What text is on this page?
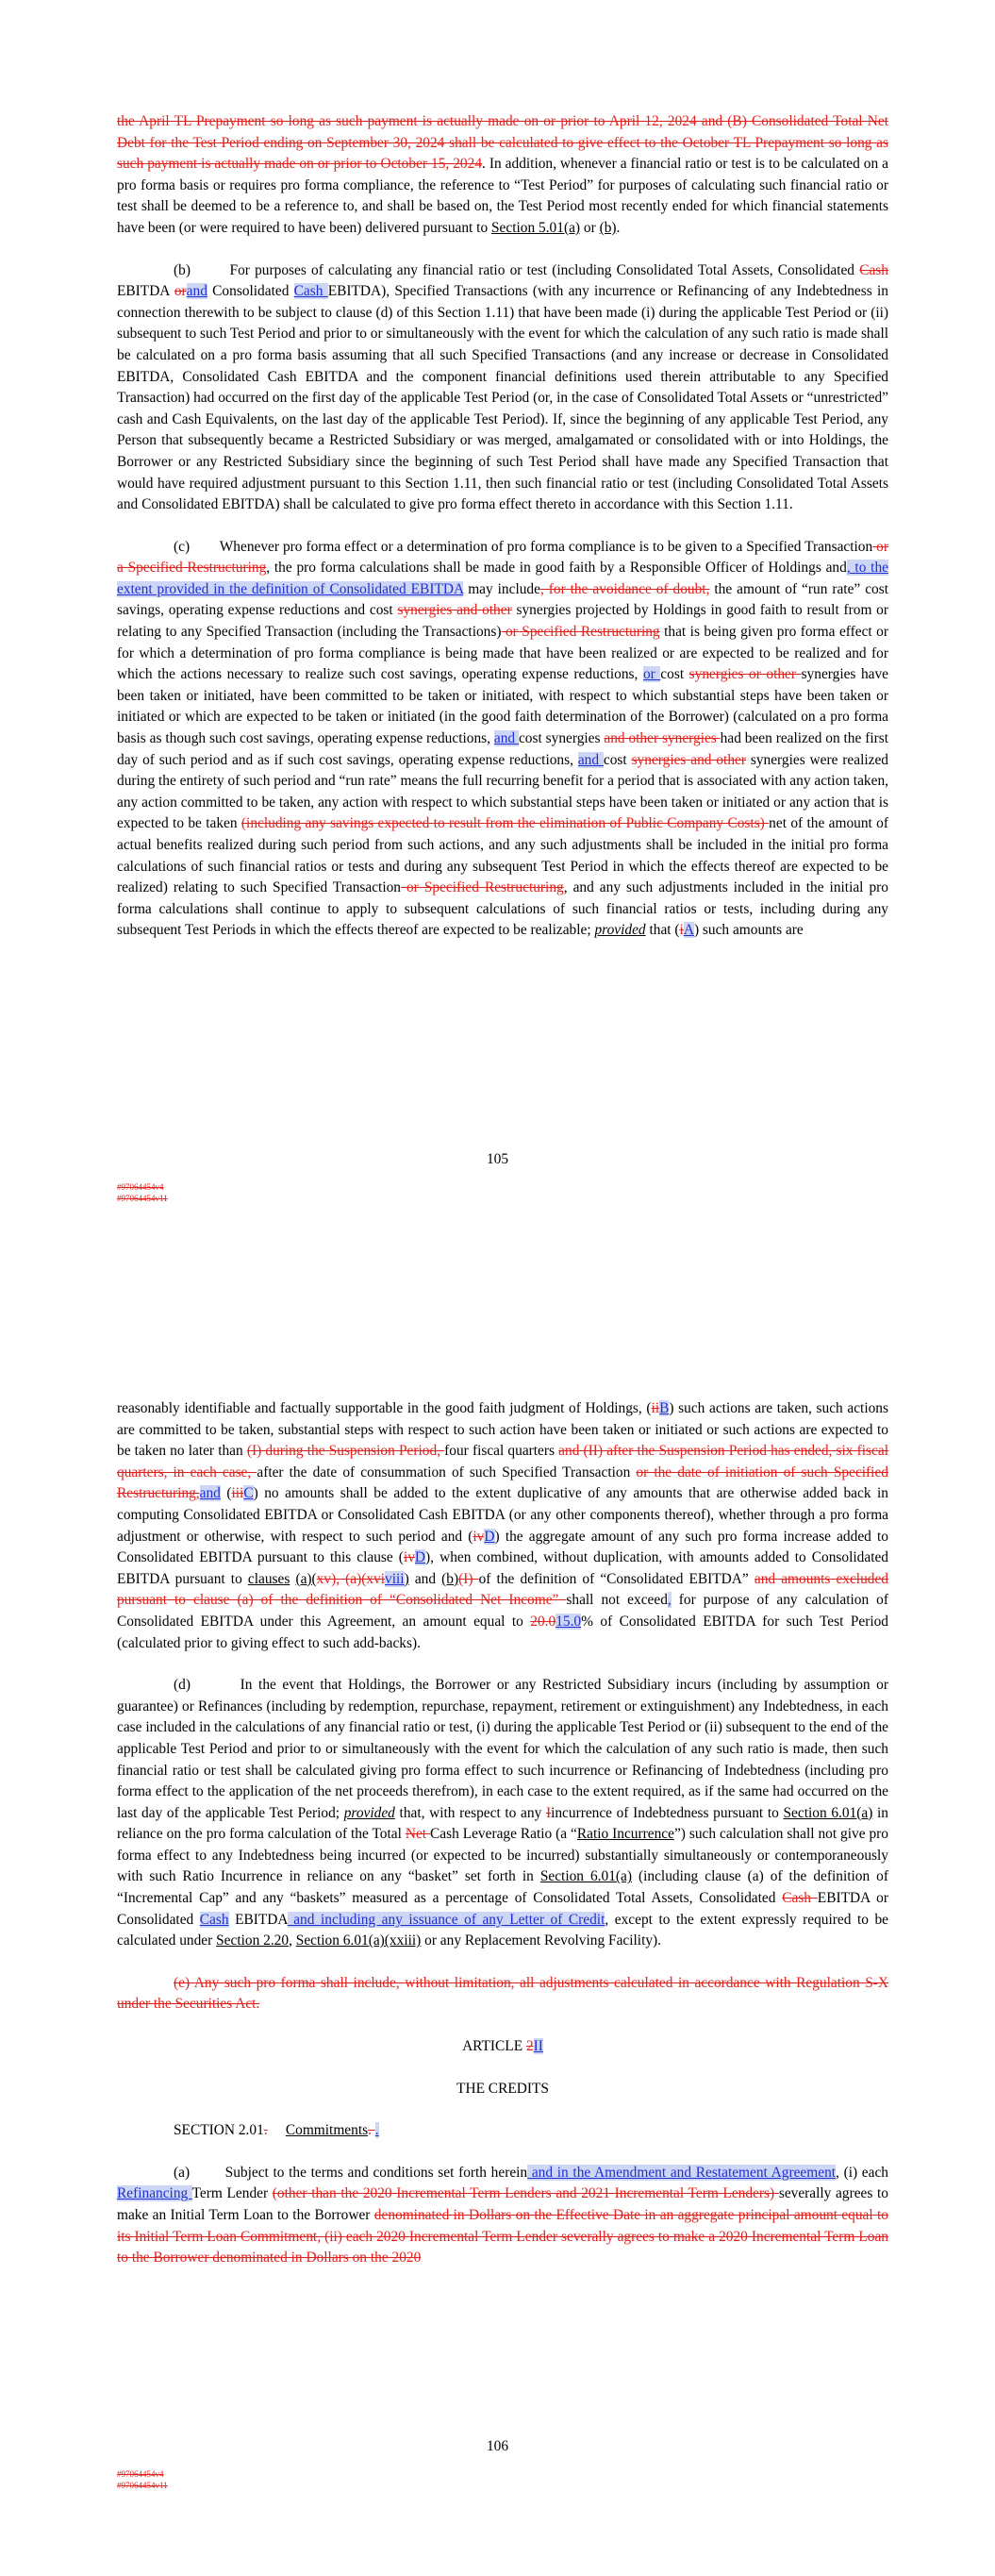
the April TL Prepayment so long as such payment is actually made on or prior to April 12, 2024 and (B) Consolidated Total Net Debt for the Test Period ending on September 30, 2024 shall be calculated to give effect to the October TL Prepayment so long as such payment is actually made on or prior to October 15, 2024. In addition, whenever a financial ratio or test is to be calculated on a pro forma basis or requires pro forma compliance, the reference to “Test Period” for purposes of calculating such financial ratio or test shall be deemed to be a reference to, and shall be based on, the Test Period most recently ended for which financial statements have been (or were required to have been) delivered pursuant to Section 5.01(a) or (b).

(b)        For purposes of calculating any financial ratio or test (including Consolidated Total Assets, Consolidated Cash EBITDA orand Consolidated Cash EBITDA), Specified Transactions (with any incurrence or Refinancing of any Indebtedness in connection therewith to be subject to clause (d) of this Section 1.11) that have been made (i) during the applicable Test Period or (ii) subsequent to such Test Period and prior to or simultaneously with the event for which the calculation of any such ratio is made shall be calculated on a pro forma basis assuming that all such Specified Transactions (and any increase or decrease in Consolidated EBITDA, Consolidated Cash EBITDA and the component financial definitions used therein attributable to any Specified Transaction) had occurred on the first day of the applicable Test Period (or, in the case of Consolidated Total Assets or “unrestricted” cash and Cash Equivalents, on the last day of the applicable Test Period). If, since the beginning of any applicable Test Period, any Person that subsequently became a Restricted Subsidiary or was merged, amalgamated or consolidated with or into Holdings, the Borrower or any Restricted Subsidiary since the beginning of such Test Period shall have made any Specified Transaction that would have required adjustment pursuant to this Section 1.11, then such financial ratio or test (including Consolidated Total Assets and Consolidated EBITDA) shall be calculated to give pro forma effect thereto in accordance with this Section 1.11.

(c)        Whenever pro forma effect or a determination of pro forma compliance is to be given to a Specified Transaction or a Specified Restructuring, the pro forma calculations shall be made in good faith by a Responsible Officer of Holdings and, to the extent provided in the definition of Consolidated EBITDA may include, for the avoidance of doubt, the amount of “run rate” cost savings, operating expense reductions and cost synergies and other synergies projected by Holdings in good faith to result from or relating to any Specified Transaction (including the Transactions) or Specified Restructuring that is being given pro forma effect or for which a determination of pro forma compliance is being made that have been realized or are expected to be realized and for which the actions necessary to realize such cost savings, operating expense reductions, or cost synergies or other synergies have been taken or initiated, have been committed to be taken or initiated, with respect to which substantial steps have been taken or initiated or which are expected to be taken or initiated (in the good faith determination of the Borrower) (calculated on a pro forma basis as though such cost savings, operating expense reductions, and cost synergies and other synergies had been realized on the first day of such period and as if such cost savings, operating expense reductions, and cost synergies and other synergies were realized during the entirety of such period and “run rate” means the full recurring benefit for a period that is associated with any action taken, any action committed to be taken, any action with respect to which substantial steps have been taken or initiated or any action that is expected to be taken (including any savings expected to result from the elimination of Public Company Costs) net of the amount of actual benefits realized during such period from such actions, and any such adjustments shall be included in the initial pro forma calculations of such financial ratios or tests and during any subsequent Test Period in which the effects thereof are expected to be realized) relating to such Specified Transaction or Specified Restructuring, and any such adjustments included in the initial pro forma calculations shall continue to apply to subsequent calculations of such financial ratios or tests, including during any subsequent Test Periods in which the effects thereof are expected to be realizable; provided that (iA) such amounts are

105
#97064454v4
#97064454v11

reasonably identifiable and factually supportable in the good faith judgment of Holdings, (iiB) such actions are taken, such actions are committed to be taken, substantial steps with respect to such action have been taken or initiated or such actions are expected to be taken no later than (I) during the Suspension Period, four fiscal quarters and (II) after the Suspension Period has ended, six fiscal quarters, in each case, after the date of consummation of such Specified Transaction or the date of initiation of such Specified Restructuring,and (iiiC) no amounts shall be added to the extent duplicative of any amounts that are otherwise added back in computing Consolidated EBITDA or Consolidated Cash EBITDA (or any other components thereof), whether through a pro forma adjustment or otherwise, with respect to such period and (ivD) the aggregate amount of any such pro forma increase added to Consolidated EBITDA pursuant to this clause (ivD), when combined, without duplication, with amounts added to Consolidated EBITDA pursuant to clauses (a)(xv), (a)(xviviii) and (b)(I) of the definition of “Consolidated EBITDA” and amounts excluded pursuant to clause (a) of the definition of “Consolidated Net Income” shall not exceed, for purpose of any calculation of Consolidated EBITDA under this Agreement, an amount equal to 20.015.0% of Consolidated EBITDA for such Test Period (calculated prior to giving effect to such add-backs).

(d)        In the event that Holdings, the Borrower or any Restricted Subsidiary incurs (including by assumption or guarantee) or Refinances (including by redemption, repurchase, repayment, retirement or extinguishment) any Indebtedness, in each case included in the calculations of any financial ratio or test, (i) during the applicable Test Period or (ii) subsequent to the end of the applicable Test Period and prior to or simultaneously with the event for which the calculation of any such ratio is made, then such financial ratio or test shall be calculated giving pro forma effect to such incurrence or Refinancing of Indebtedness (including pro forma effect to the application of the net proceeds therefrom), in each case to the extent required, as if the same had occurred on the last day of the applicable Test Period; provided that, with respect to any Iincurrence of Indebtedness pursuant to Section 6.01(a) in reliance on the pro forma calculation of the Total Net Cash Leverage Ratio (a “Ratio Incurrence”) such calculation shall not give pro forma effect to any Indebtedness being incurred (or expected to be incurred) substantially simultaneously or contemporaneously with such Ratio Incurrence in reliance on any “basket” set forth in Section 6.01(a) (including clause (a) of the definition of “Incremental Cap” and any “baskets” measured as a percentage of Consolidated Total Assets, Consolidated Cash EBITDA or Consolidated Cash EBITDA and including any issuance of any Letter of Credit, except to the extent expressly required to be calculated under Section 2.20, Section 6.01(a)(xxiii) or any Replacement Revolving Facility).

(e) Any such pro forma shall include, without limitation, all adjustments calculated in accordance with Regulation S-X under the Securities Act.

ARTICLE 2II

THE CREDITS

SECTION 2.01. Commitments. .

(a)        Subject to the terms and conditions set forth herein and in the Amendment and Restatement Agreement, (i) each Refinancing Term Lender (other than the 2020 Incremental Term Lenders and 2021 Incremental Term Lenders) severally agrees to make an Initial Term Loan to the Borrower denominated in Dollars on the Effective Date in an aggregate principal amount equal to its Initial Term Loan Commitment, (ii) each 2020 Incremental Term Lender severally agrees to make a 2020 Incremental Term Loan to the Borrower denominated in Dollars on the 2020

106
#97064454v4
#97064454v11
